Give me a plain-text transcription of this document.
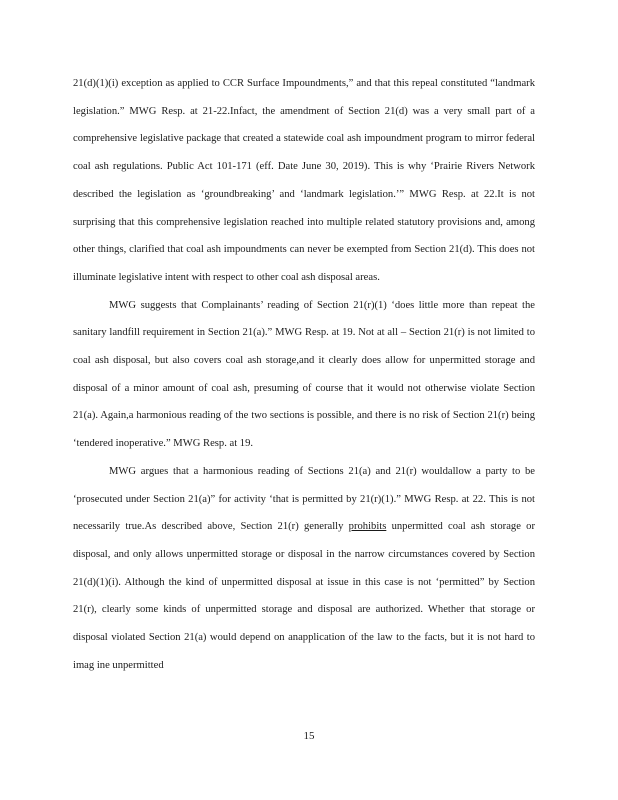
21(d)(1)(i) exception as applied to CCR Surface Impoundments,” and that this repeal constituted “landmark legislation.” MWG Resp. at 21-22.Infact, the amendment of Section 21(d) was a very small part of a comprehensive legislative package that created a statewide coal ash impoundment program to mirror federal coal ash regulations. Public Act 101-171 (eff. Date June 30, 2019). This is why ‘Prairie Rivers Network described the legislation as ‘groundbreaking’ and ‘landmark legislation.’” MWG Resp. at 22.It is not surprising that this comprehensive legislation reached into multiple related statutory provisions and, among other things, clarified that coal ash impoundments can never be exempted from Section 21(d). This does not illuminate legislative intent with respect to other coal ash disposal areas.

MWG suggests that Complainants’ reading of Section 21(r)(1) ‘does little more than repeat the sanitary landfill requirement in Section 21(a).” MWG Resp. at 19. Not at all – Section 21(r) is not limited to coal ash disposal, but also covers coal ash storage,and it clearly does allow for unpermitted storage and disposal of a minor amount of coal ash, presuming of course that it would not otherwise violate Section 21(a). Again,a harmonious reading of the two sections is possible, and there is no risk of Section 21(r) being ‘tendered inoperative.” MWG Resp. at 19.

MWG argues that a harmonious reading of Sections 21(a) and 21(r) wouldallow a party to be ‘prosecuted under Section 21(a)” for activity ‘that is permitted by 21(r)(1).” MWG Resp. at 22. This is not necessarily true.As described above, Section 21(r) generally prohibits unpermitted coal ash storage or disposal, and only allows unpermitted storage or disposal in the narrow circumstances covered by Section 21(d)(1)(i). Although the kind of unpermitted disposal at issue in this case is not ‘permitted” by Section 21(r), clearly some kinds of unpermitted storage and disposal are authorized. Whether that storage or disposal violated Section 21(a) would depend on anapplication of the law to the facts, but it is not hard to imag ine unpermitted

15
